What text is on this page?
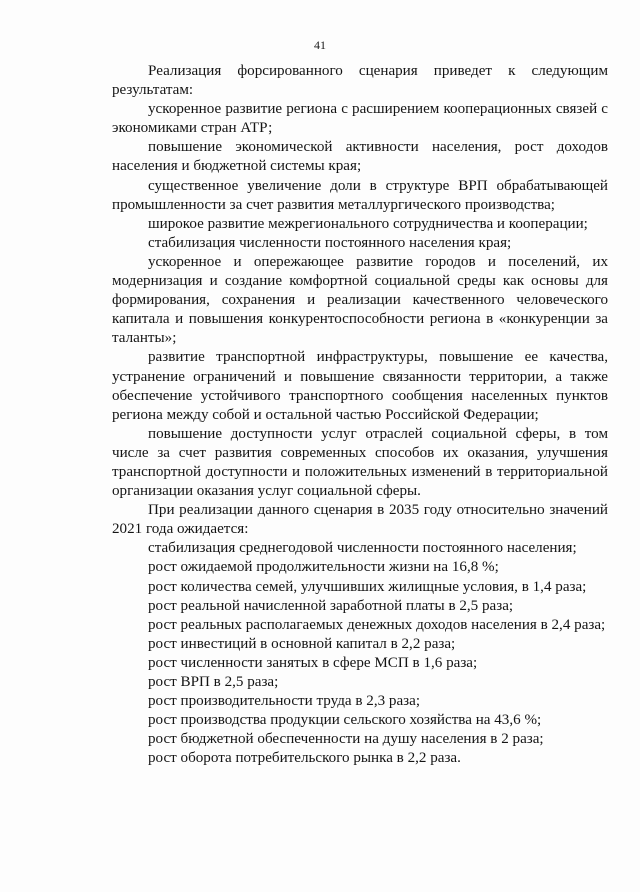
41

Реализация форсированного сценария приведет к следующим результатам:

ускоренное развитие региона с расширением кооперационных связей с экономиками стран АТР;

повышение экономической активности населения, рост доходов населения и бюджетной системы края;

существенное увеличение доли в структуре ВРП обрабатывающей промышленности за счет развития металлургического производства;

широкое развитие межрегионального сотрудничества и кооперации;

стабилизация численности постоянного населения края;

ускоренное и опережающее развитие городов и поселений, их модернизация и создание комфортной социальной среды как основы для формирования, сохранения и реализации качественного человеческого капитала и повышения конкурентоспособности региона в «конкуренции за таланты»;

развитие транспортной инфраструктуры, повышение ее качества, устранение ограничений и повышение связанности территории, а также обеспечение устойчивого транспортного сообщения населенных пунктов региона между собой и остальной частью Российской Федерации;

повышение доступности услуг отраслей социальной сферы, в том числе за счет развития современных способов их оказания, улучшения транспортной доступности и положительных изменений в территориальной организации оказания услуг социальной сферы.

При реализации данного сценария в 2035 году относительно значений 2021 года ожидается:

стабилизация среднегодовой численности постоянного населения;

рост ожидаемой продолжительности жизни на 16,8 %;

рост количества семей, улучшивших жилищные условия, в 1,4 раза;

рост реальной начисленной заработной платы в 2,5 раза;

рост реальных располагаемых денежных доходов населения в 2,4 раза;

рост инвестиций в основной капитал в 2,2 раза;

рост численности занятых в сфере МСП в 1,6 раза;

рост ВРП в 2,5 раза;

рост производительности труда в 2,3 раза;

рост производства продукции сельского хозяйства на 43,6 %;

рост бюджетной обеспеченности на душу населения в 2 раза;

рост оборота потребительского рынка в 2,2 раза.
